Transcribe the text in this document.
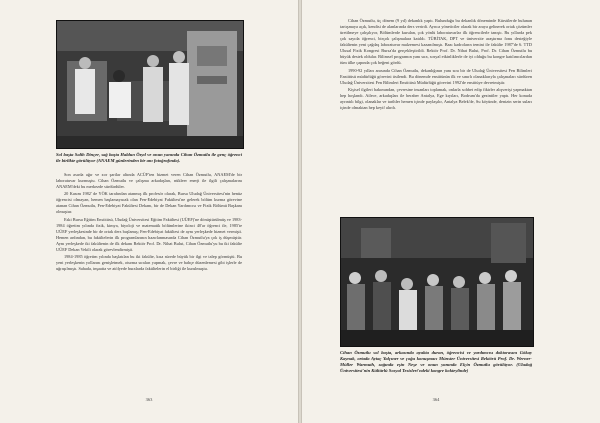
Sol başta Salih Dinçer, sağ başta Haldun Özyıl ve onun yanında Cihan Özmutlu ile genç öğrenci ile birlikte görülüyor (ANAEM günlerinden bir anı fotoğrafında).

Son asırda ağır ve zor şartlar altında ACÜF'ten hizmet veren Cihan Özmutlu, ANAEM'de bir laboratuvar kurmuştu. Cihan Özmutlu ve çalışma arkadaşları, nükleer enerji ile ilgili çalışmalarını ANAEM'deki bu merkezde sürdürdüler.

20 Kasım 1982' de YÖK tarafından atanmış ilk profesör olarak, Bursa Uludağ Üniversitesi'nin henüz öğrencisi olmayan, hemen başlamayacak olan Fen-Edebiyat Fakültesi'ne gelerek bölüm kurma görevine atanan Cihan Özmutlu, Fen-Edebiyat Fakültesi Dekanı, bir de Dekan Yardımcısı ve Fizik Bölümü Başkanı olmuştur.

Eski Bursa Eğitim Enstitüsü, Uludağ Üniversitesi Eğitim Fakültesi (UÜEF)'ne dönüştürülmüş ve 1983-1984 öğretim yılında fizik, kimya, biyoloji ve matematik bölümlerine ikinci 40'ar öğrenci ile, 1985'te UÜEF yerleşkesinde bir de ortak ders başlamış; Fen-Edebiyat fakültesi de aynı yerleşkede hizmet vermişti. Hemen ardından, bu fakültelerin ilk programlarının hazırlanmasında Cihan Özmutlu'ya çok iş düşmüştür. Aynı yerleşkede iki fakültenin de ilk dekanı Rektör Prof. Dr. Nihat Bulut, Cihan Özmutlu'yu bu iki fakülte UÜEF Dekan Vekili olarak görevlendirmişti.

1984-1985 öğretim yılında başlatılan bu iki fakülte, kısa sürede büyük bir ilgi ve talep görmüştü. Bu yeni yerleşkenin yollarını genişletmek, oturma sıraları yapmak, çevre ve bahçe düzenlemesi gibi işlerle de uğraşılmıştı. Sahada, inşaatta ve atölyede buralarda fakültelerin el birliği ile kurulmuştu.

363

Cihan Özmutlu, üç dönem (9 yıl) dekanlık yaptı. Bulunduğu bu dekanlık döneminde Kürsülerde bulunan tartışmaya açık, kendisi de alanlarında ders verirdi. Ayrıca yöneticiler olarak bir araya gelinerek ortak çözümler üretilmeye çalışılıyor, Bölümlerde kurulan, çok yönlü laboratuvarlar ilk öğrencilerle tanıştı. Bu yıllarda pek çok sayıda öğrenci, birçok çalışmalara katıldı. TÜBİTAK, DPT ve üniversite araştırma fonu desteğiyle fakültenin yeni çağdaş laboratuvar malzemesi kazanılmıştı. Bazı kadroların temini ile fakülte 1987'de 6. TTD Ulusal Fizik Kongresi Bursa'da gerçekleştirildi. Rektör Prof. Dr. Nihat Bulut, Prof. Dr. Cihan Özmutlu bu büyük destek oldular. Bilimsel programın yanı sıra, sosyal etkinliklerle de iyi olduğu bu kongre katılımcılardan tüm ülke çapında çok beğeni gördü.

1990-92 yılları arasında Cihan Özmutlu, dekanlığının yanı sıra bir de Uludağ Üniversitesi Fen Bilimleri Enstitüsü müdürlüğü görevini üstlendi. Bu dönemde enstitünün ilk ve sınırlı olanaklarıyla çalışmaları sürdüren Uludağ Üniversitesi Fen Bilimleri Enstitüsü Müdürlüğü görevini 1992'de enstitüye devretmiştir.

Kişisel ilgileri bakımından, çevresine insanları toplamak, onlarla sohbet edip fikirler alışverişi yapmaktan hep hoşlandı. Ailece, arkadaşları ile beraber Antalya, Ege kıyıları, Bodrum'da gezintiler yaptı. Her konuda ayrıntılı bilgi, olanaklar ve tarihler hemen içinde paylaşılır, Antalya Belek'de, Su köyünde, denizin serin suları içinde olmaktan hep keyif alırdı.

Cihan Özmutlu sol başta, arkasında ayakta duran, öğrencisi ve yardımcısı doktorasını Gökay Kaynak, ortada Aytaç Yalçıner ve çoğu konuşmacı Münster Üniversitesi Rektörü Prof. Dr. Werner-Müller Warmuth, sağında eşin Neşe ve onun yanında Elçin Özmutlu görülüyor. (Uludağ Üniversitesi'nin Kültürlü Sosyal Tesisleri'ndeki kongre kokteylinde)
364
